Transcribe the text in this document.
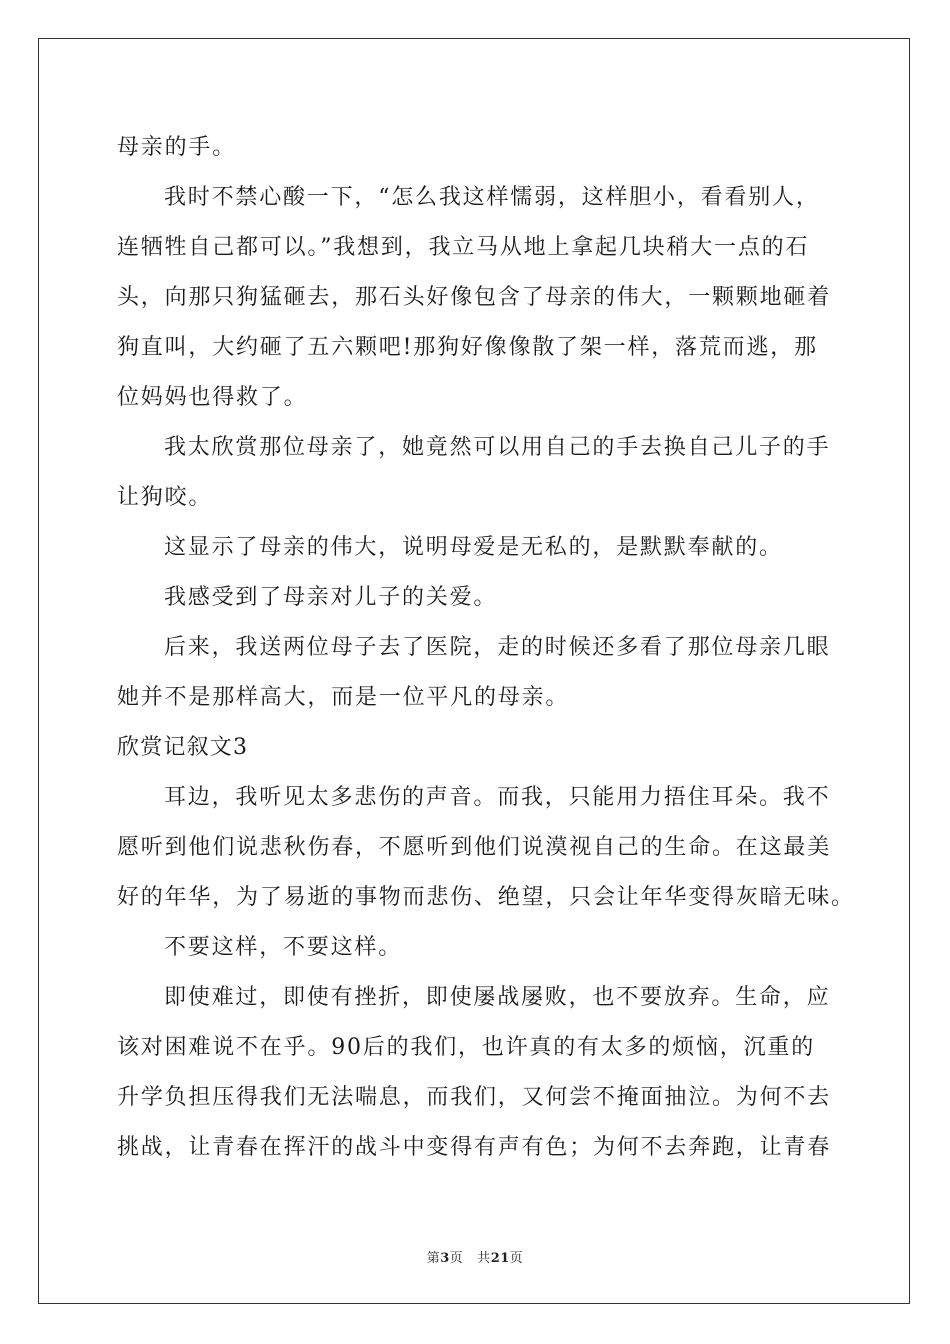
母亲的手。
我时不禁心酸一下，“怎么我这样懦弱，这样胆小，看看别人，
连牺牲自己都可以。”我想到，我立马从地上拿起几块稍大一点的石
头，向那只狗猛砸去，那石头好像包含了母亲的伟大，一颗颗地砸着
狗直叫，大约砸了五六颗吧!那狗好像像散了架一样，落荒而逃，那
位妈妈也得救了。
我太欣赏那位母亲了，她竟然可以用自己的手去换自己儿子的手
让狗咬。
这显示了母亲的伟大，说明母爱是无私的，是默默奉献的。
我感受到了母亲对儿子的关爱。
后来，我送两位母子去了医院，走的时候还多看了那位母亲几眼
她并不是那样高大，而是一位平凡的母亲。
欣赏记叙文3
耳边，我听见太多悲伤的声音。而我，只能用力捂住耳朵。我不
愿听到他们说悲秋伤春，不愿听到他们说漠视自己的生命。在这最美
好的年华，为了易逝的事物而悲伤、绝望，只会让年华变得灰暗无味。
不要这样，不要这样。
即使难过，即使有挫折，即使屡战屡败，也不要放弃。生命，应
该对困难说不在乎。90后的我们，也许真的有太多的烦恼，沉重的
升学负担压得我们无法喘息，而我们，又何尝不掩面抽泣。为何不去
挑战，让青春在挥汗的战斗中变得有声有色；为何不去奔跑，让青春
第3页 共21页
